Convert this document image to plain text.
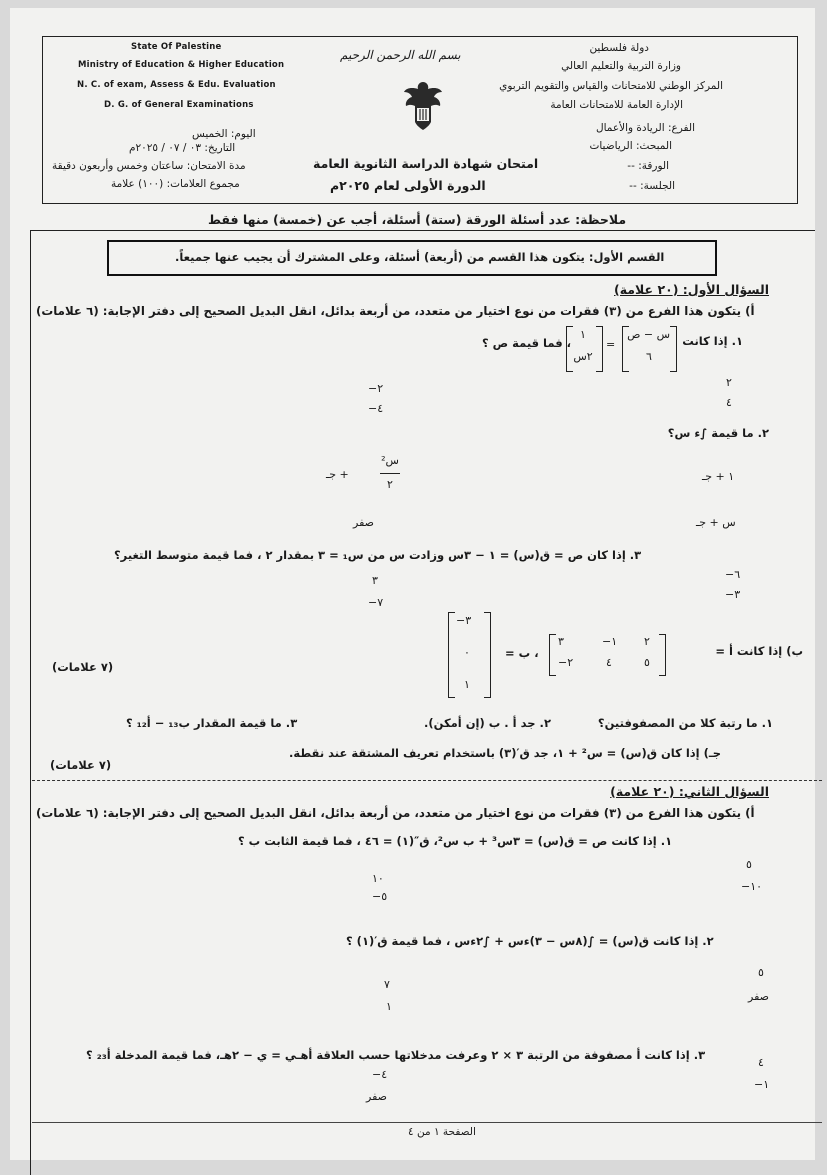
State Of Palestine
Ministry of Education & Higher Education
N. C. of exam, Assess & Edu. Evaluation
D. G. of General Examinations
دولة فلسطين
وزارة التربية والتعليم العالي
المركز الوطني للامتحانات والقياس والتقويم التربوي
الإدارة العامة للامتحانات العامة
بسم الله الرحمن الرحيم
الفرع: الريادة والأعمال
المبحث: الرياضيات
الورقة: --
الجلسة: --
امتحان شهادة الدراسة الثانوية العامة
الدورة الأولى لعام ٢٠٢٥م
اليوم: الخميس
التاريخ: ٠٣ / ٠٧ / ٢٠٢٥م
مدة الامتحان: ساعتان وخمس وأربعون دقيقة
مجموع العلامات: (١٠٠) علامة
ملاحظة: عدد أسئلة الورقة (ستة) أسئلة، أجب عن (خمسة) منها فقط
القسم الأول: يتكون هذا القسم من (أربعة) أسئلة، وعلى المشترك أن يجيب عنها جميعاً.
السؤال الأول: (٢٠ علامة)
أ) يتكون هذا الفرع من (٣) فقرات من نوع اختيار من متعدد، من أربعة بدائل، انقل البديل الصحيح إلى دفتر الإجابة: (٦ علامات)
١. إذا كانت
س − ص
٦
=
١
٢س
، فما قيمة ص ؟
٢
٤
−٢
−٤
٢. ما قيمة ∫ء س؟
١ + جـ
س + جـ
س²
٢
+ جـ
صفر
٣. إذا كان ص = ق(س) = ١ − ٣س وزادت س من س₁ = ٣ بمقدار ٢ ، فما قيمة متوسط التغير؟
−٦
−٣
٣
−٧
ب) إذا كانت أ =
٢
−١
٣
٥
٤
−٢
، ب =
−٣
٠
١
(٧ علامات)
١. ما رتبة كلا من المصفوفتين؟
٢. جد أ . ب (إن أمكن).
٣. ما قيمة المقدار ب₁₃ − أ₁₂ ؟
جـ) إذا كان ق(س) = س² + ١، جد ق′(٣) باستخدام تعريف المشتقة عند نقطة.
(٧ علامات)
السؤال الثاني: (٢٠ علامة)
أ) يتكون هذا الفرع من (٣) فقرات من نوع اختيار من متعدد، من أربعة بدائل، انقل البديل الصحيح إلى دفتر الإجابة: (٦ علامات)
١. إذا كانت ص = ق(س) = ٣س³ + ب س²، ق″(١) = ٤٦ ، فما قيمة الثابت ب ؟
٥
−١٠
١٠
−٥
٢. إذا كانت ق(س) = ∫(٨س − ٣)ءس + ∫٢ءس ، فما قيمة ق′(١) ؟
٥
صفر
٧
١
٣. إذا كانت أ مصفوفة من الرتبة ٣ × ٢ وعرفت مدخلاتها حسب العلاقة أهـي = ي − ٢هـ، فما قيمة المدخلة أ₂₃ ؟
٤
−١
−٤
صفر
الصفحة ١ من ٤
